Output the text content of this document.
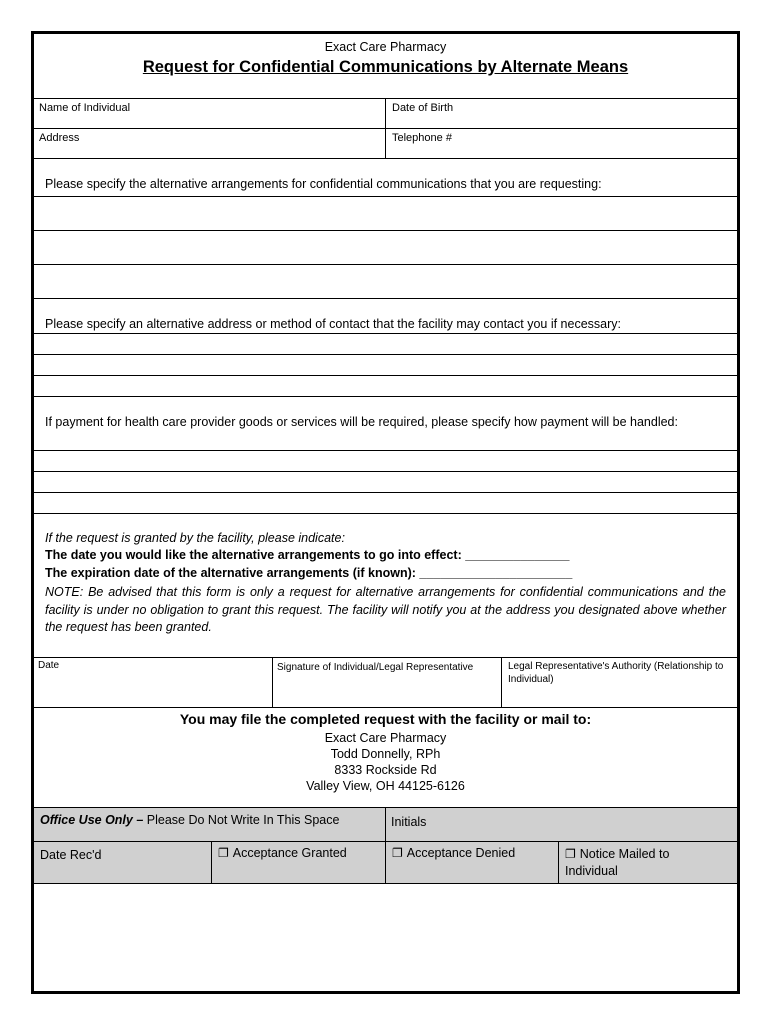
Exact Care Pharmacy
Request for Confidential Communications by Alternate Means
Name of Individual	Date of Birth
Address	Telephone #
Please specify the alternative arrangements for confidential communications that you are requesting:
Please specify an alternative address or method of contact that the facility may contact you if necessary:
If payment for health care provider goods or services will be required, please specify how payment will be handled:
If the request is granted by the facility, please indicate:
The date you would like the alternative arrangements to go into effect: _______________
The expiration date of the alternative arrangements (if known): ______________________
NOTE: Be advised that this form is only a request for alternative arrangements for confidential communications and the facility is under no obligation to grant this request. The facility will notify you at the address you designated above whether the request has been granted.
Date	Signature of Individual/Legal Representative	Legal Representative's Authority (Relationship to Individual)
You may file the completed request with the facility or mail to:
Exact Care Pharmacy
Todd Donnelly, RPh
8333 Rockside Rd
Valley View, OH 44125-6126
Office Use Only – Please Do Not Write In This Space	Initials
Date Rec'd	❐ Acceptance Granted	❐ Acceptance Denied	❐ Notice Mailed to Individual
